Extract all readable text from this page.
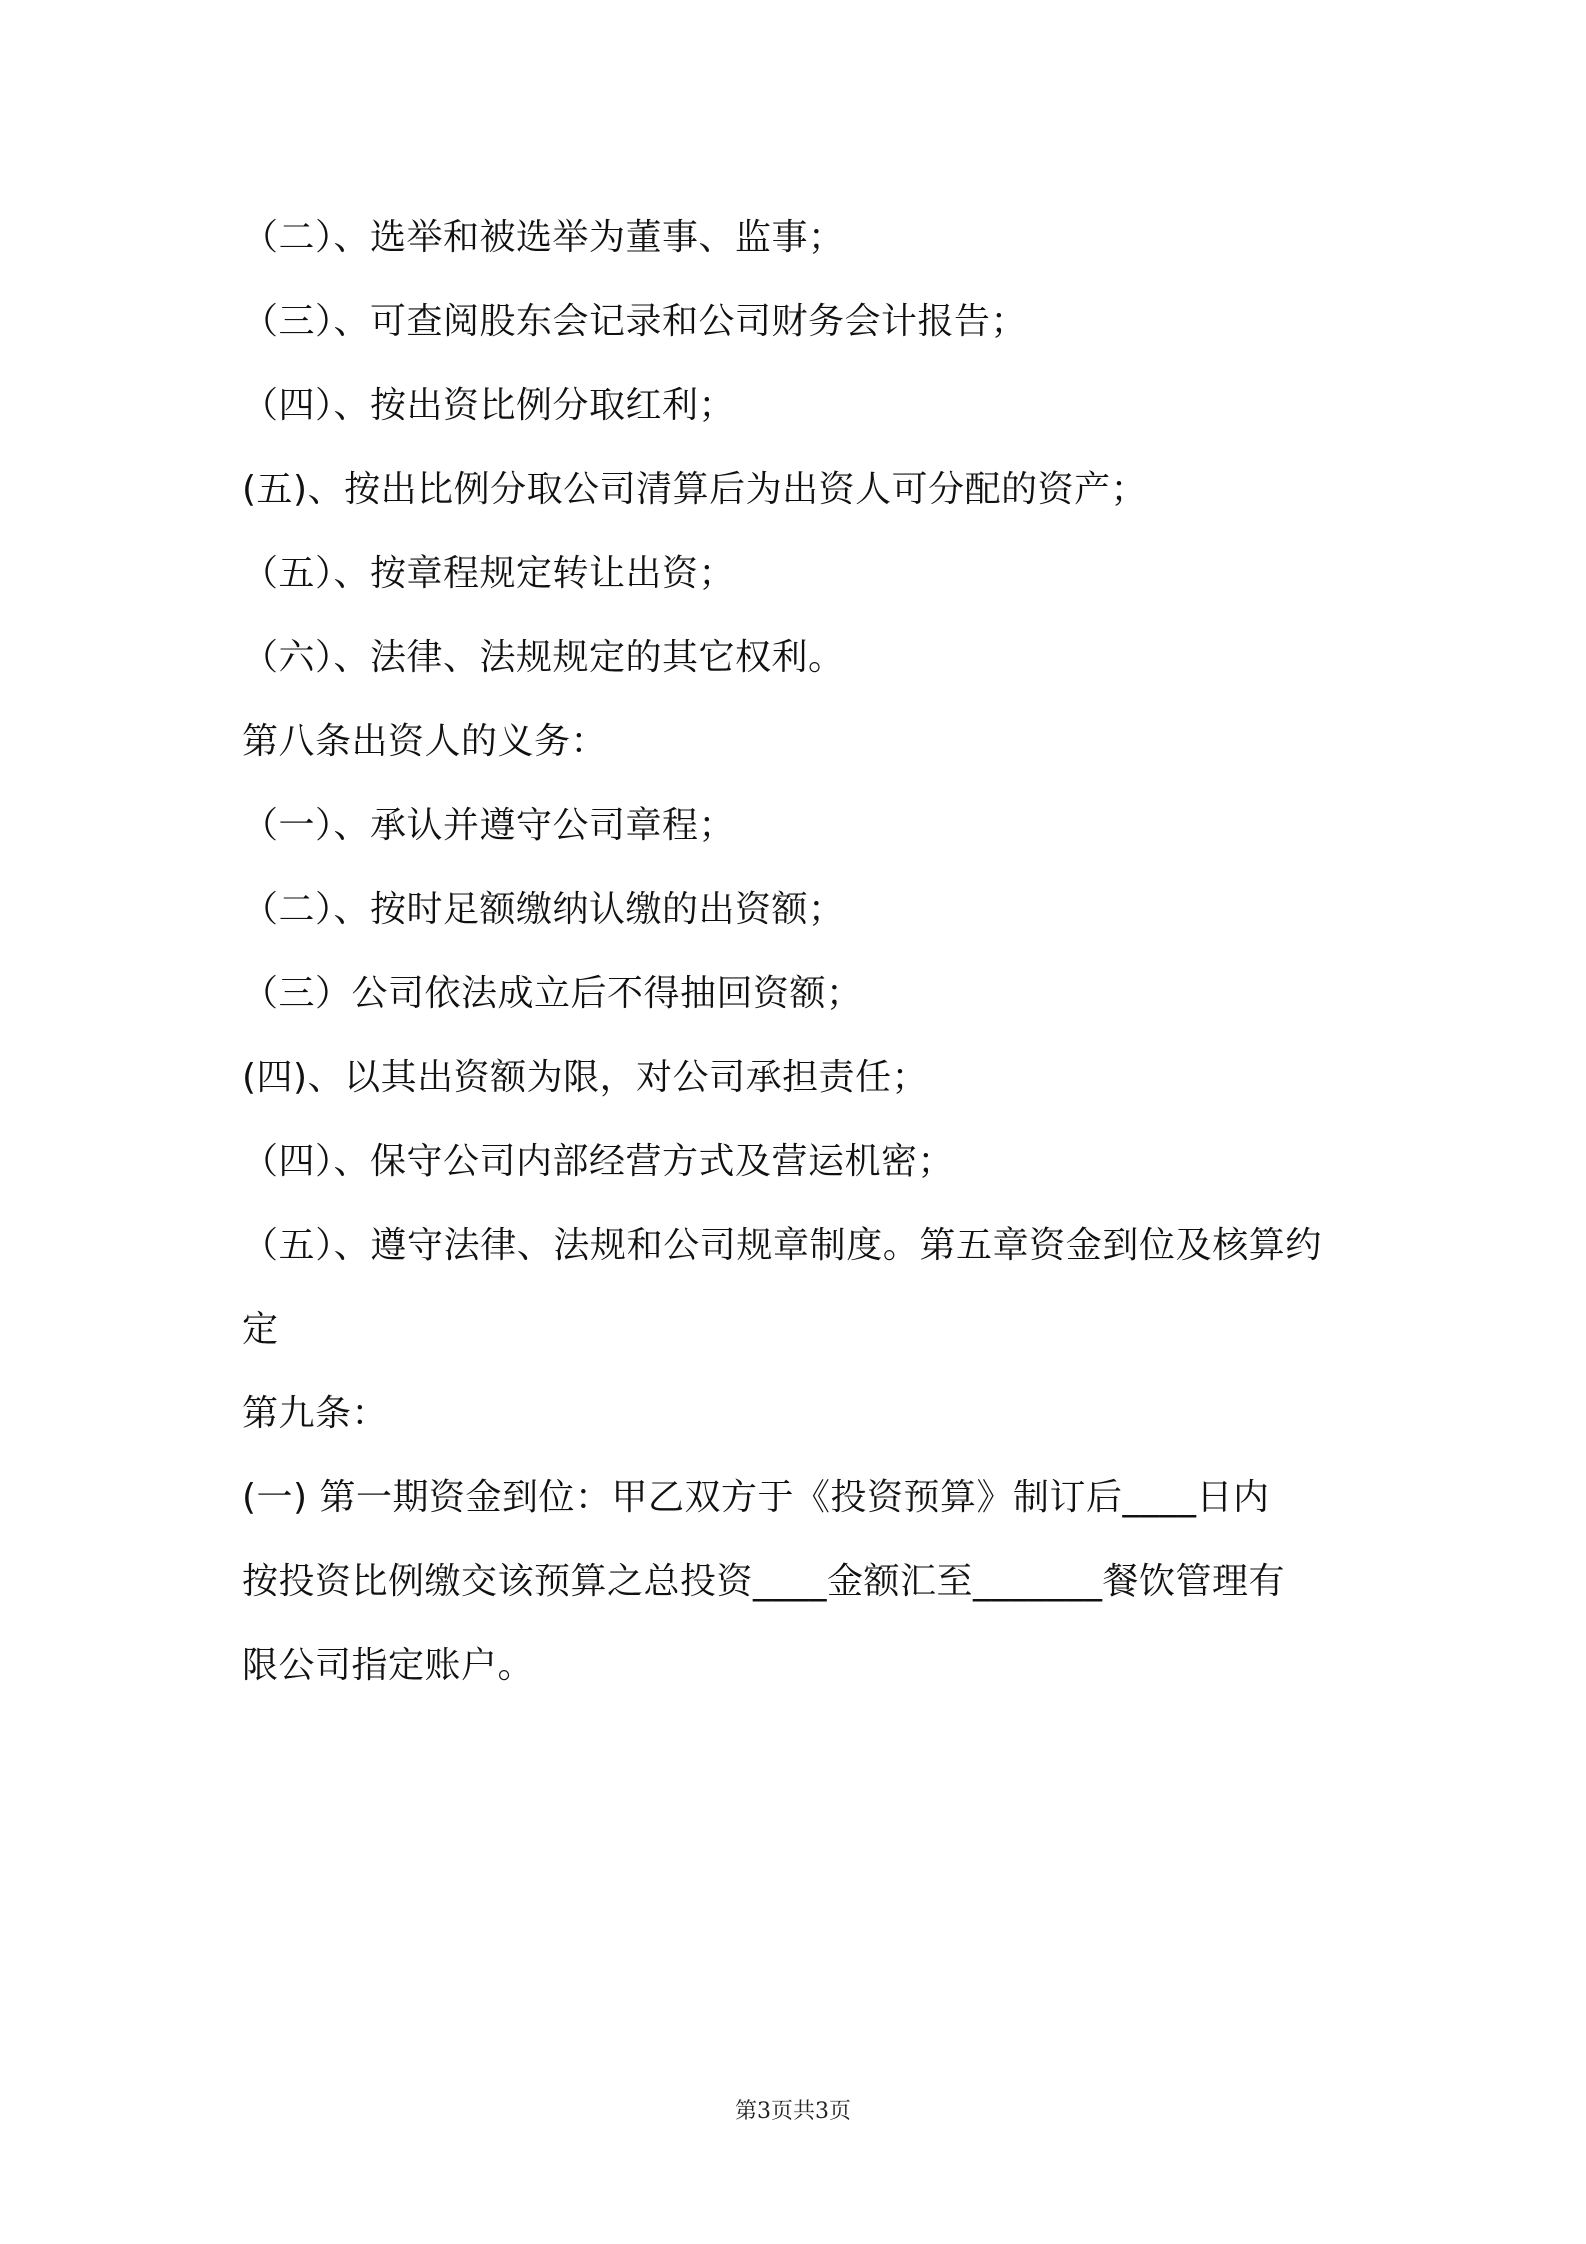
（二）、选举和被选举为董事、监事；
（三）、可查阅股东会记录和公司财务会计报告；
（四）、按出资比例分取红利；
(五)、按出比例分取公司清算后为出资人可分配的资产；
（五）、按章程规定转让出资；
（六）、法律、法规规定的其它权利。
第八条出资人的义务：
（一）、承认并遵守公司章程；
（二）、按时足额缴纳认缴的出资额；
（三）公司依法成立后不得抽回资额；
(四)、以其出资额为限，对公司承担责任；
（四）、保守公司内部经营方式及营运机密；
（五）、遵守法律、法规和公司规章制度。第五章资金到位及核算约
定
第九条：
(一) 第一期资金到位：甲乙双方于《投资预算》制订后____日内
按投资比例缴交该预算之总投资____金额汇至_______餐饮管理有
限公司指定账户。
第3页共3页
